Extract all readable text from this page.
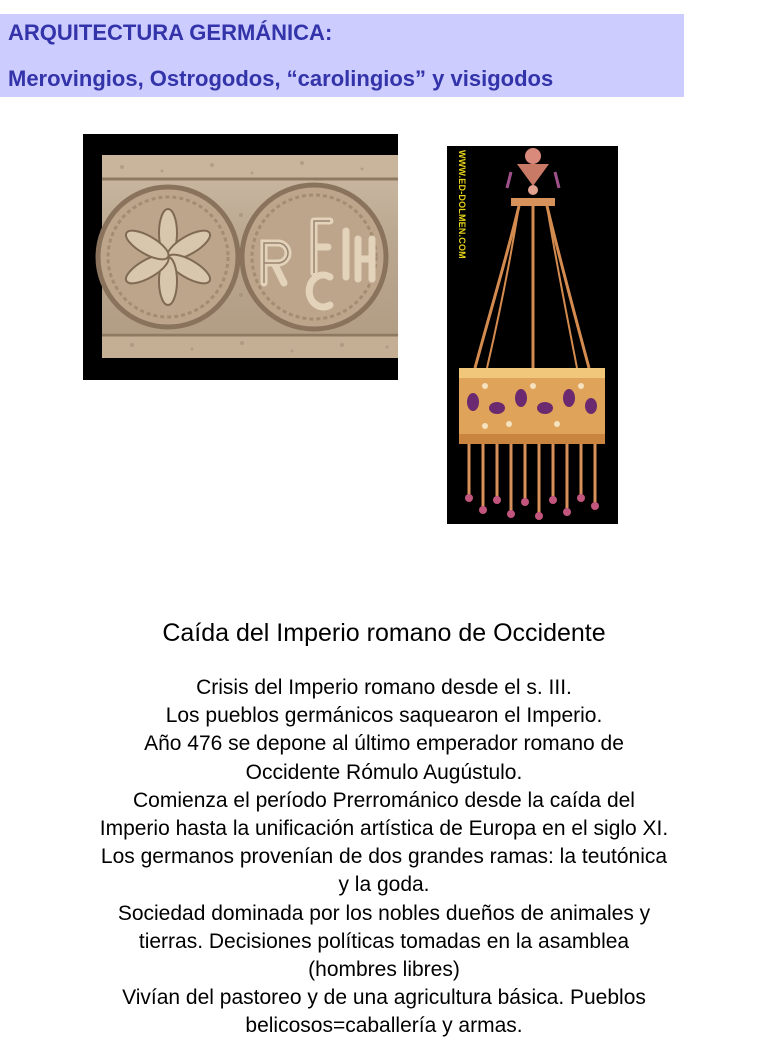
ARQUITECTURA GERMÁNICA:
Merovingios, Ostrogodos, “carolingios” y visigodos
WWW.ED-DOLMEN.COM
Caída del Imperio romano de Occidente
Crisis del Imperio romano desde el s. III.
Los pueblos germánicos saquearon el Imperio.
Año 476 se depone al último emperador romano de
Occidente Rómulo Augústulo.
Comienza el período Prerrománico desde la caída del
Imperio hasta la unificación artística de Europa en el siglo XI.
Los germanos provenían de dos grandes ramas: la teutónica
y la goda.
Sociedad dominada por los nobles dueños de animales y
tierras. Decisiones políticas tomadas en la asamblea
(hombres libres)
Vivían del pastoreo y de una agricultura básica. Pueblos
belicosos=caballería y armas.
